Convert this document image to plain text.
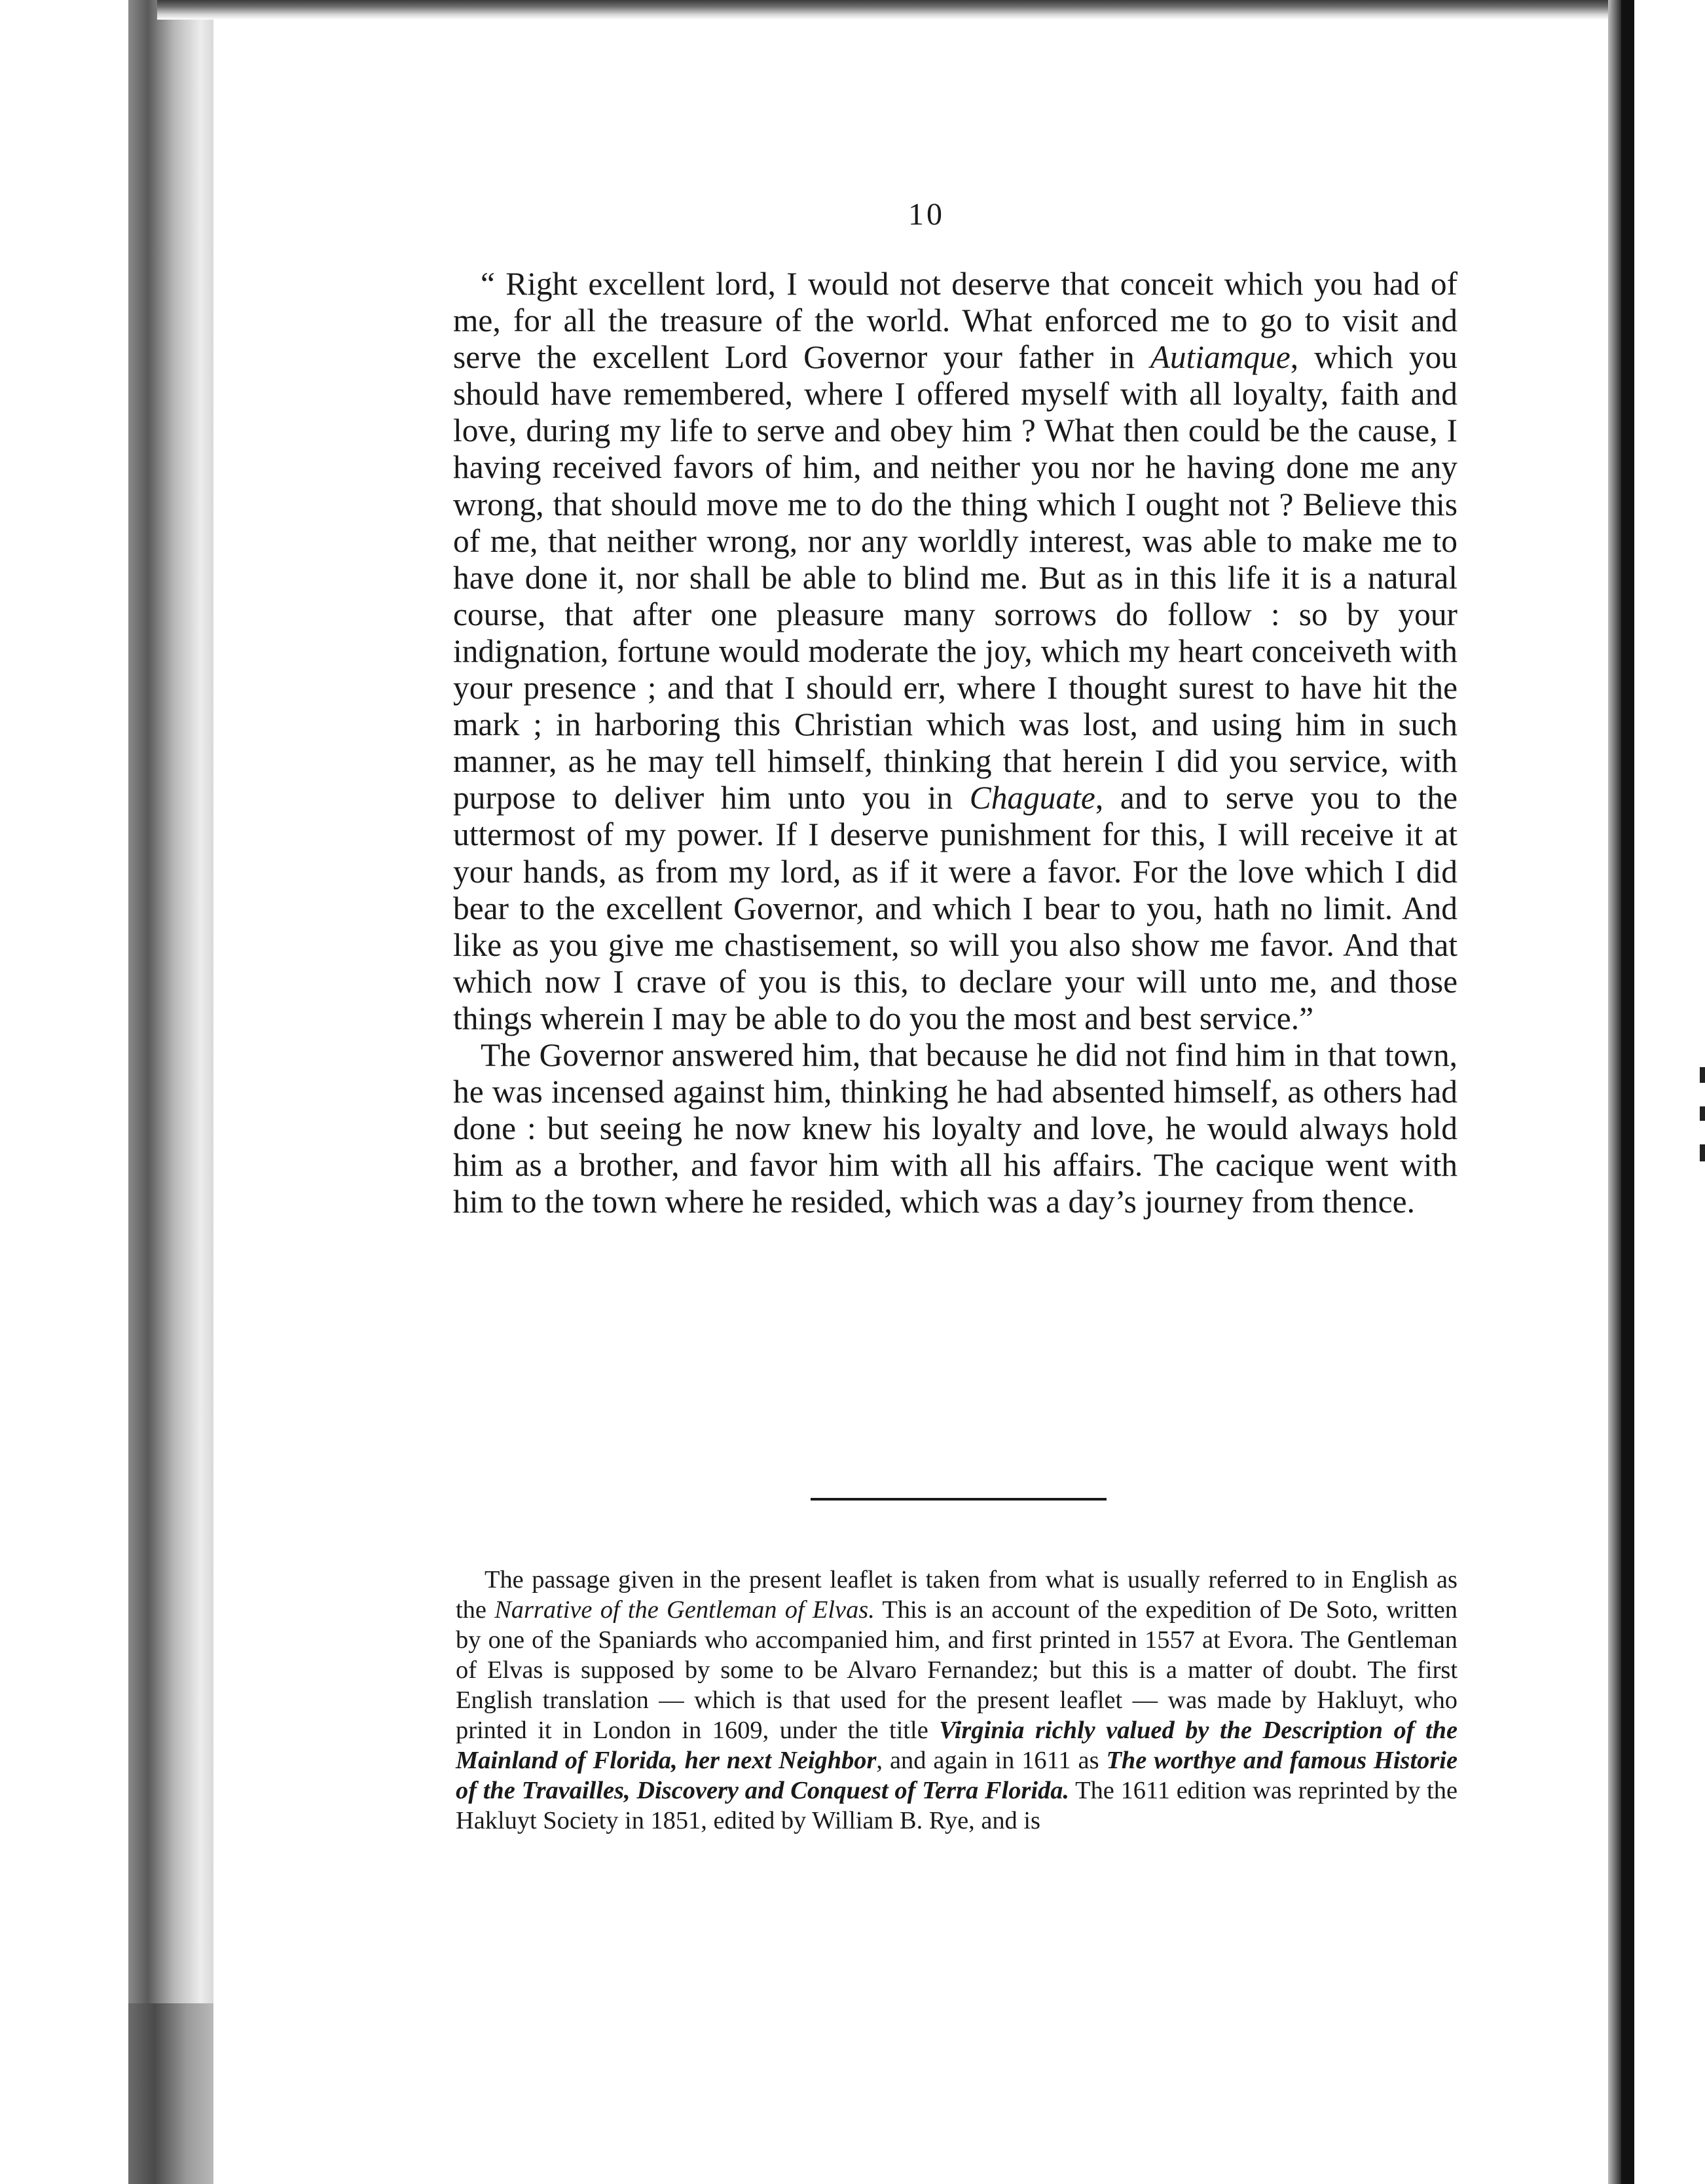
10

“ Right excellent lord, I would not deserve that conceit which you had of me, for all the treasure of the world. What enforced me to go to visit and serve the excellent Lord Governor your father in Autiamque, which you should have remembered, where I offered myself with all loyalty, faith and love, during my life to serve and obey him ? What then could be the cause, I having received favors of him, and neither you nor he having done me any wrong, that should move me to do the thing which I ought not ? Believe this of me, that neither wrong, nor any worldly interest, was able to make me to have done it, nor shall be able to blind me. But as in this life it is a natural course, that after one pleasure many sorrows do follow : so by your indignation, fortune would moderate the joy, which my heart conceiveth with your presence ; and that I should err, where I thought surest to have hit the mark ; in harboring this Christian which was lost, and using him in such manner, as he may tell himself, thinking that herein I did you service, with purpose to deliver him unto you in Chaguate, and to serve you to the uttermost of my power. If I deserve punishment for this, I will receive it at your hands, as from my lord, as if it were a favor. For the love which I did bear to the excellent Governor, and which I bear to you, hath no limit. And like as you give me chastisement, so will you also show me favor. And that which now I crave of you is this, to declare your will unto me, and those things wherein I may be able to do you the most and best service.”

The Governor answered him, that because he did not find him in that town, he was incensed against him, thinking he had absented himself, as others had done : but seeing he now knew his loyalty and love, he would always hold him as a brother, and favor him with all his affairs. The cacique went with him to the town where he resided, which was a day’s journey from thence.

The passage given in the present leaflet is taken from what is usually referred to in English as the Narrative of the Gentleman of Elvas. This is an account of the expedition of De Soto, written by one of the Spaniards who accompanied him, and first printed in 1557 at Evora. The Gentleman of Elvas is supposed by some to be Alvaro Fernandez; but this is a matter of doubt. The first English translation — which is that used for the present leaflet — was made by Hakluyt, who printed it in London in 1609, under the title Virginia richly valued by the Description of the Mainland of Florida, her next Neighbor, and again in 1611 as The worthye and famous Historie of the Travailles, Discovery and Conquest of Terra Florida. The 1611 edition was reprinted by the Hakluyt Society in 1851, edited by William B. Rye, and is
